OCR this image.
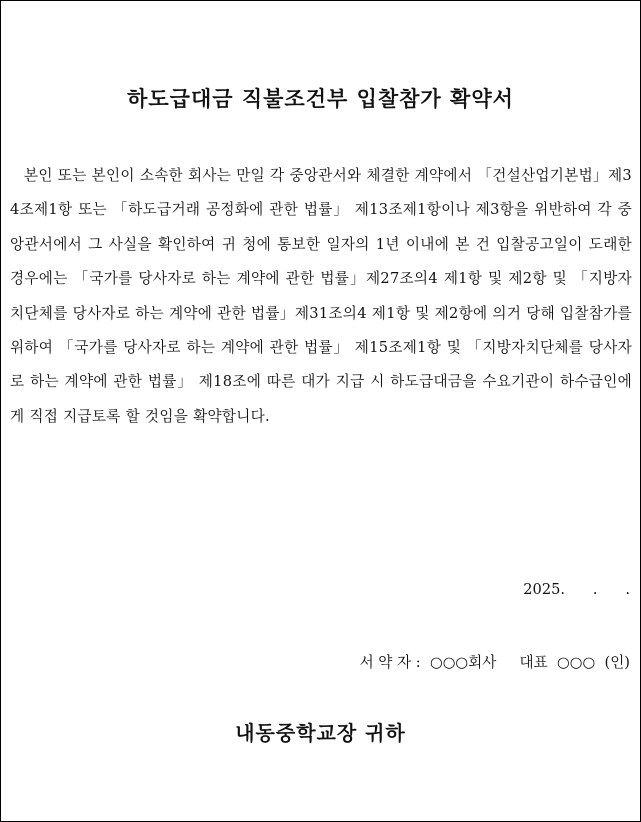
하도급대금 직불조건부 입찰참가 확약서
본인 또는 본인이 소속한 회사는 만일 각 중앙관서와 체결한 계약에서 「건설산업기본법」제34조제1항 또는 「하도급거래 공정화에 관한 법률」 제13조제1항이나 제3항을 위반하여 각 중앙관서에서 그 사실을 확인하여 귀 청에 통보한 일자의 1년 이내에 본 건 입찰공고일이 도래한 경우에는 「국가를 당사자로 하는 계약에 관한 법률」제27조의4 제1항 및 제2항 및 「지방자치단체를 당사자로 하는 계약에 관한 법률」제31조의4 제1항 및 제2항에 의거 당해 입찰참가를 위하여 「국가를 당사자로 하는 계약에 관한 법률」 제15조제1항 및 「지방자치단체를 당사자로 하는 계약에 관한 법률」 제18조에 따른 대가 지급 시 하도급대금을 수요기관이 하수급인에게 직접 지급토록 할 것임을 확약합니다.
2025.      .      .
서 약 자 :  ○○○회사     대표  ○○○  (인)
내동중학교장 귀하
